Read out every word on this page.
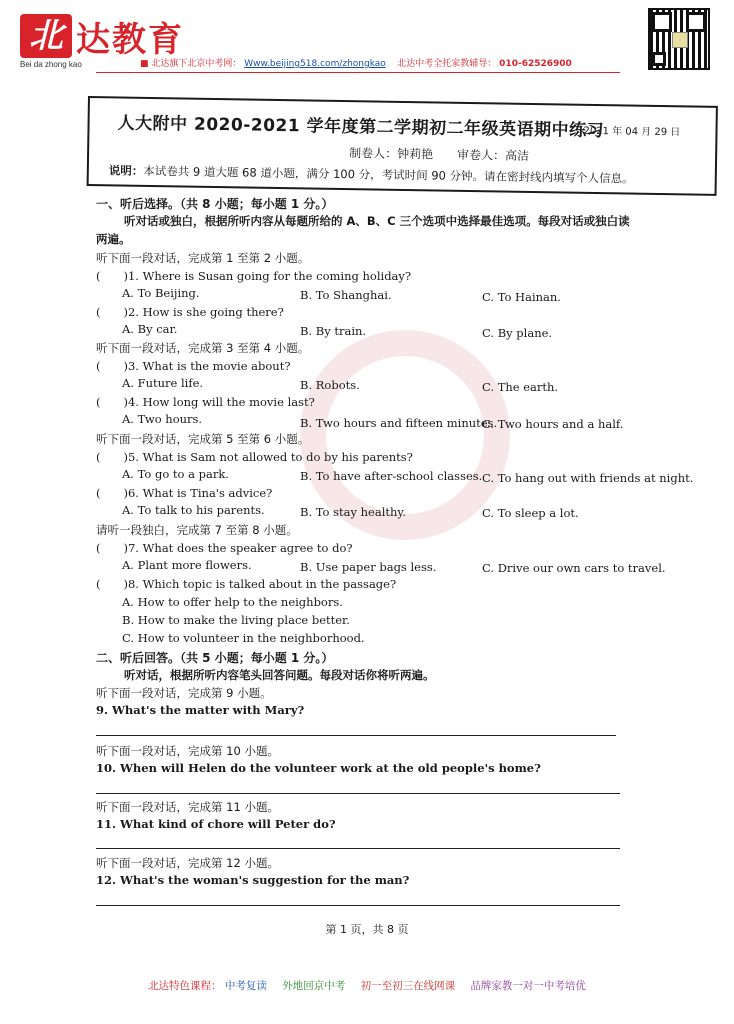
北 达教育
Bei da zhong kao	■ 北达旗下北京中考网： Www.beijing518.com/zhongkao 北达中考全托家教辅导： 010-62526900
人大附中 2020-2021 学年度第二学期初二年级英语期中练习
2021 年 04 月 29 日
制卷人：钟莉艳　　审卷人：高洁
说明：本试卷共 9 道大题 68 道小题，满分 100 分，考试时间 90 分钟。请在密封线内填写个人信息。
一、听后选择。（共 8 小题；每小题 1 分。）
听对话或独白，根据所听内容从每题所给的 A、B、C 三个选项中选择最佳选项。每段对话或独白读
两遍。
听下面一段对话，完成第 1 至第 2 小题。
(　　)1. Where is Susan going for the coming holiday?
A. To Beijing.	B. To Shanghai.	C. To Hainan.
(　　)2. How is she going there?
A. By car.	B. By train.	C. By plane.
听下面一段对话，完成第 3 至第 4 小题。
(　　)3. What is the movie about?
A. Future life.	B. Robots.	C. The earth.
(　　)4. How long will the movie last?
A. Two hours.	B. Two hours and fifteen minutes.
C. Two hours and a half.
听下面一段对话，完成第 5 至第 6 小题。
(　　)5. What is Sam not allowed to do by his parents?
A. To go to a park.	B. To have after-school classes. C. To hang out with friends at night.
(　　)6. What is Tina's advice?
A. To talk to his parents.	B. To stay healthy.	C. To sleep a lot.
请听一段独白，完成第 7 至第 8 小题。
(　　)7. What does the speaker agree to do?
A. Plant more flowers.	B. Use paper bags less.	C. Drive our own cars to travel.
(　　)8. Which topic is talked about in the passage?
A. How to offer help to the neighbors.
B. How to make the living place better.
C. How to volunteer in the neighborhood.
二、听后回答。（共 5 小题；每小题 1 分。）
听对话，根据所听内容笔头回答问题。每段对话你将听两遍。
听下面一段对话，完成第 9 小题。
9. What's the matter with Mary?
听下面一段对话，完成第 10 小题。
10. When will Helen do the volunteer work at the old people's home?
听下面一段对话，完成第 11 小题。
11. What kind of chore will Peter do?
听下面一段对话，完成第 12 小题。
12. What's the woman's suggestion for the man?
第 1 页，共 8 页
北达特色课程： 中考复读 外地回京中考 初一至初三在线网课 品牌家教一对一中考培优
